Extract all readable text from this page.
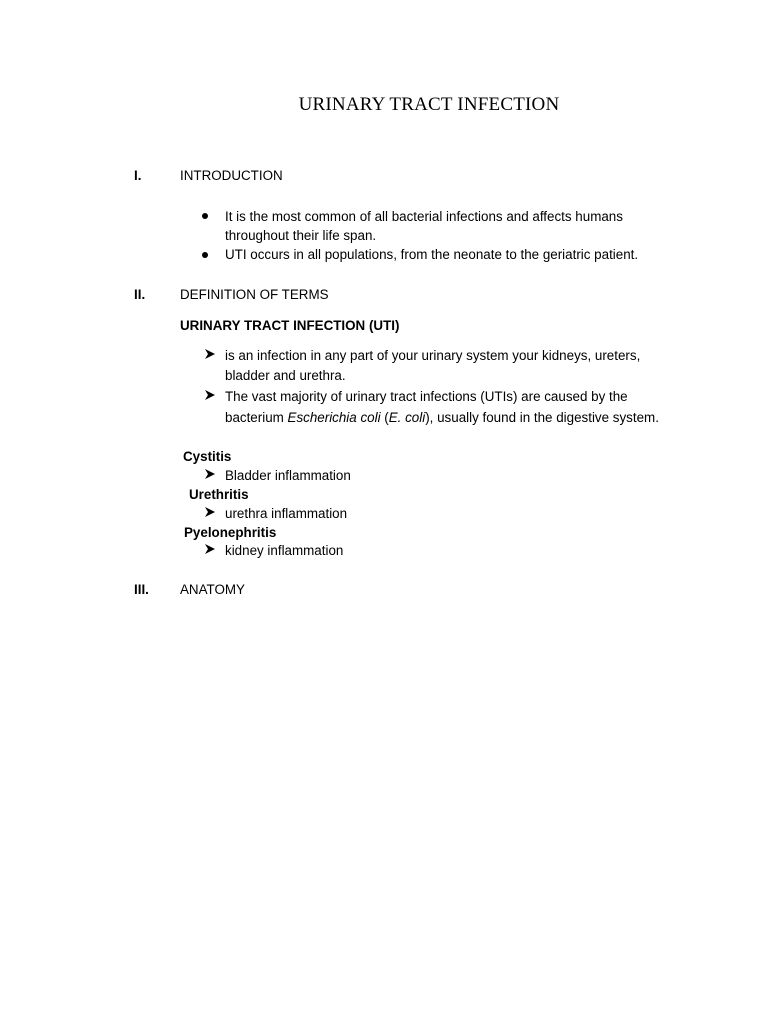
URINARY TRACT INFECTION
I.	INTRODUCTION
It is the most common of all bacterial infections and affects humans
throughout their life span.
UTI occurs in all populations, from the neonate to the geriatric patient.
II.	DEFINITION OF TERMS
URINARY TRACT INFECTION (UTI)
is an infection in any part of your urinary system your kidneys, ureters,
bladder and urethra.
The vast majority of urinary tract infections (UTIs) are caused by the
bacterium Escherichia coli (E. coli), usually found in the digestive system.
Cystitis
Bladder inflammation
Urethritis
urethra inflammation
Pyelonephritis
kidney inflammation
III. ANATOMY
